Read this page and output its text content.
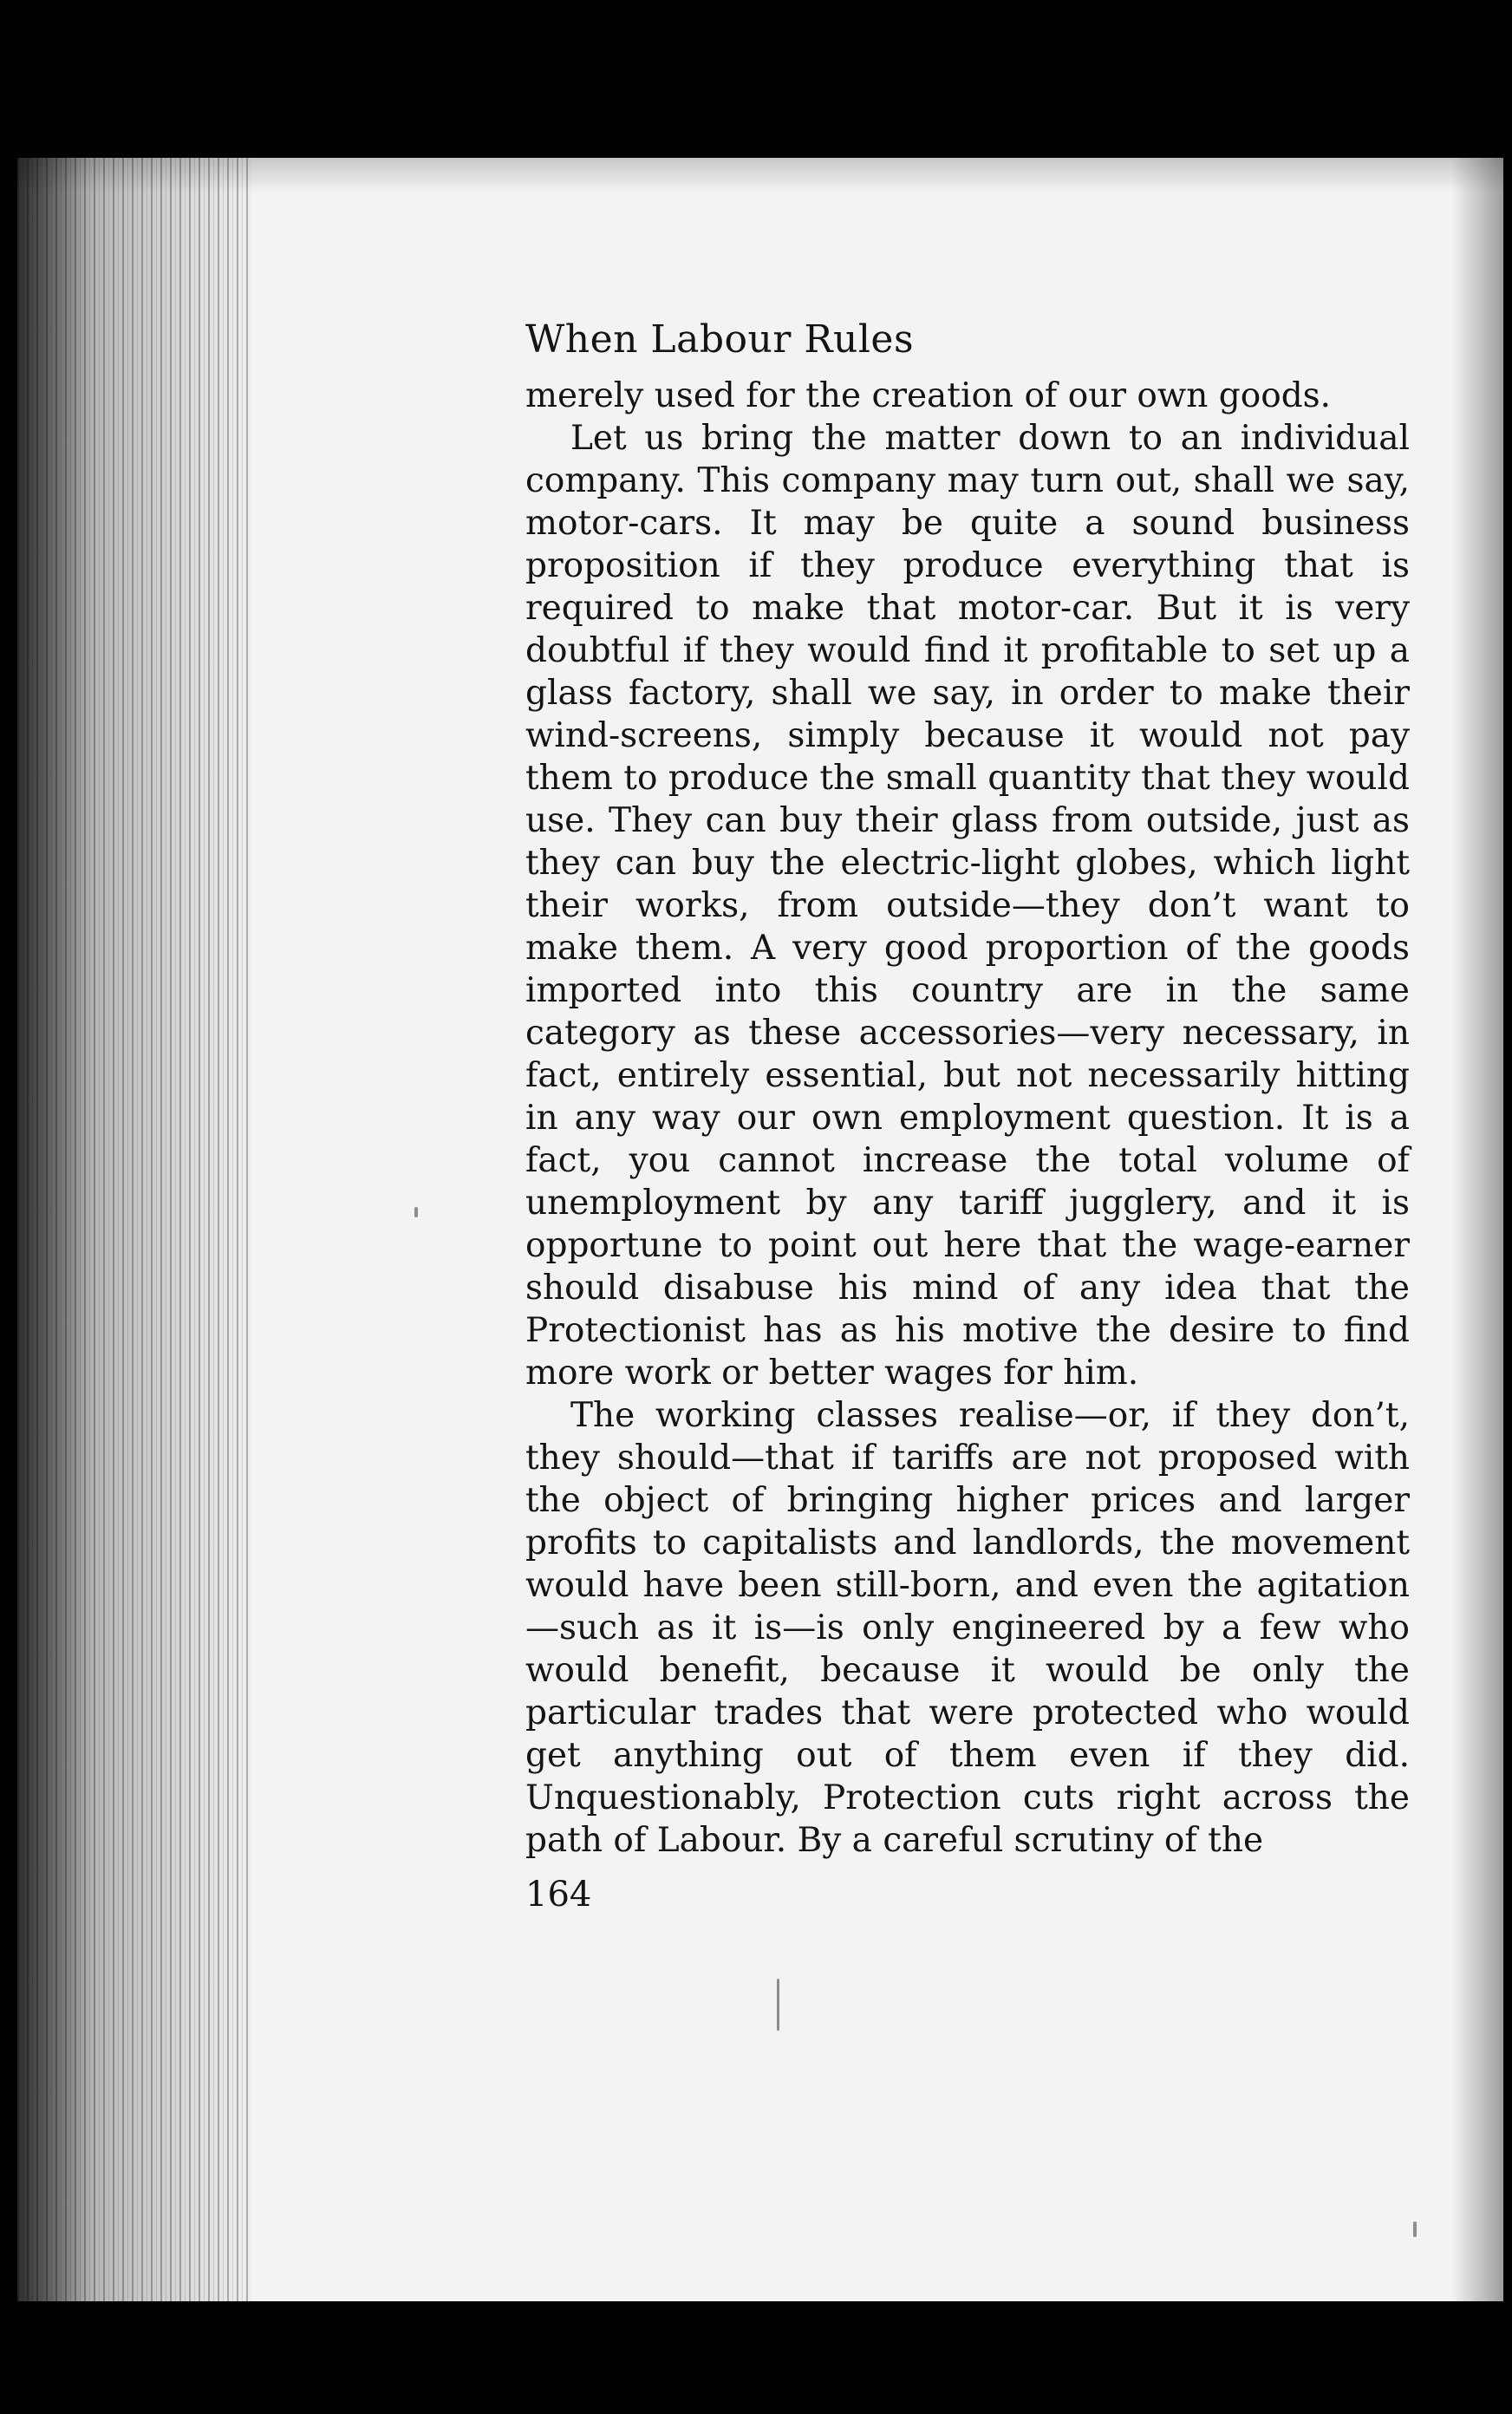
When Labour Rules

merely used for the creation of our own goods.

Let us bring the matter down to an individual company. This company may turn out, shall we say, motor-cars. It may be quite a sound business proposition if they produce everything that is required to make that motor-car. But it is very doubtful if they would find it profitable to set up a glass factory, shall we say, in order to make their wind-screens, simply because it would not pay them to produce the small quantity that they would use. They can buy their glass from outside, just as they can buy the electric-light globes, which light their works, from outside—they don’t want to make them. A very good proportion of the goods imported into this country are in the same category as these accessories—very necessary, in fact, entirely essential, but not necessarily hitting in any way our own employment question. It is a fact, you cannot increase the total volume of unemployment by any tariff jugglery, and it is opportune to point out here that the wage-earner should disabuse his mind of any idea that the Protectionist has as his motive the desire to find more work or better wages for him.

The working classes realise—or, if they don’t, they should—that if tariffs are not proposed with the object of bringing higher prices and larger profits to capitalists and landlords, the movement would have been still-born, and even the agitation—such as it is—is only engineered by a few who would benefit, because it would be only the particular trades that were protected who would get anything out of them even if they did. Unquestionably, Protection cuts right across the path of Labour. By a careful scrutiny of the

164
